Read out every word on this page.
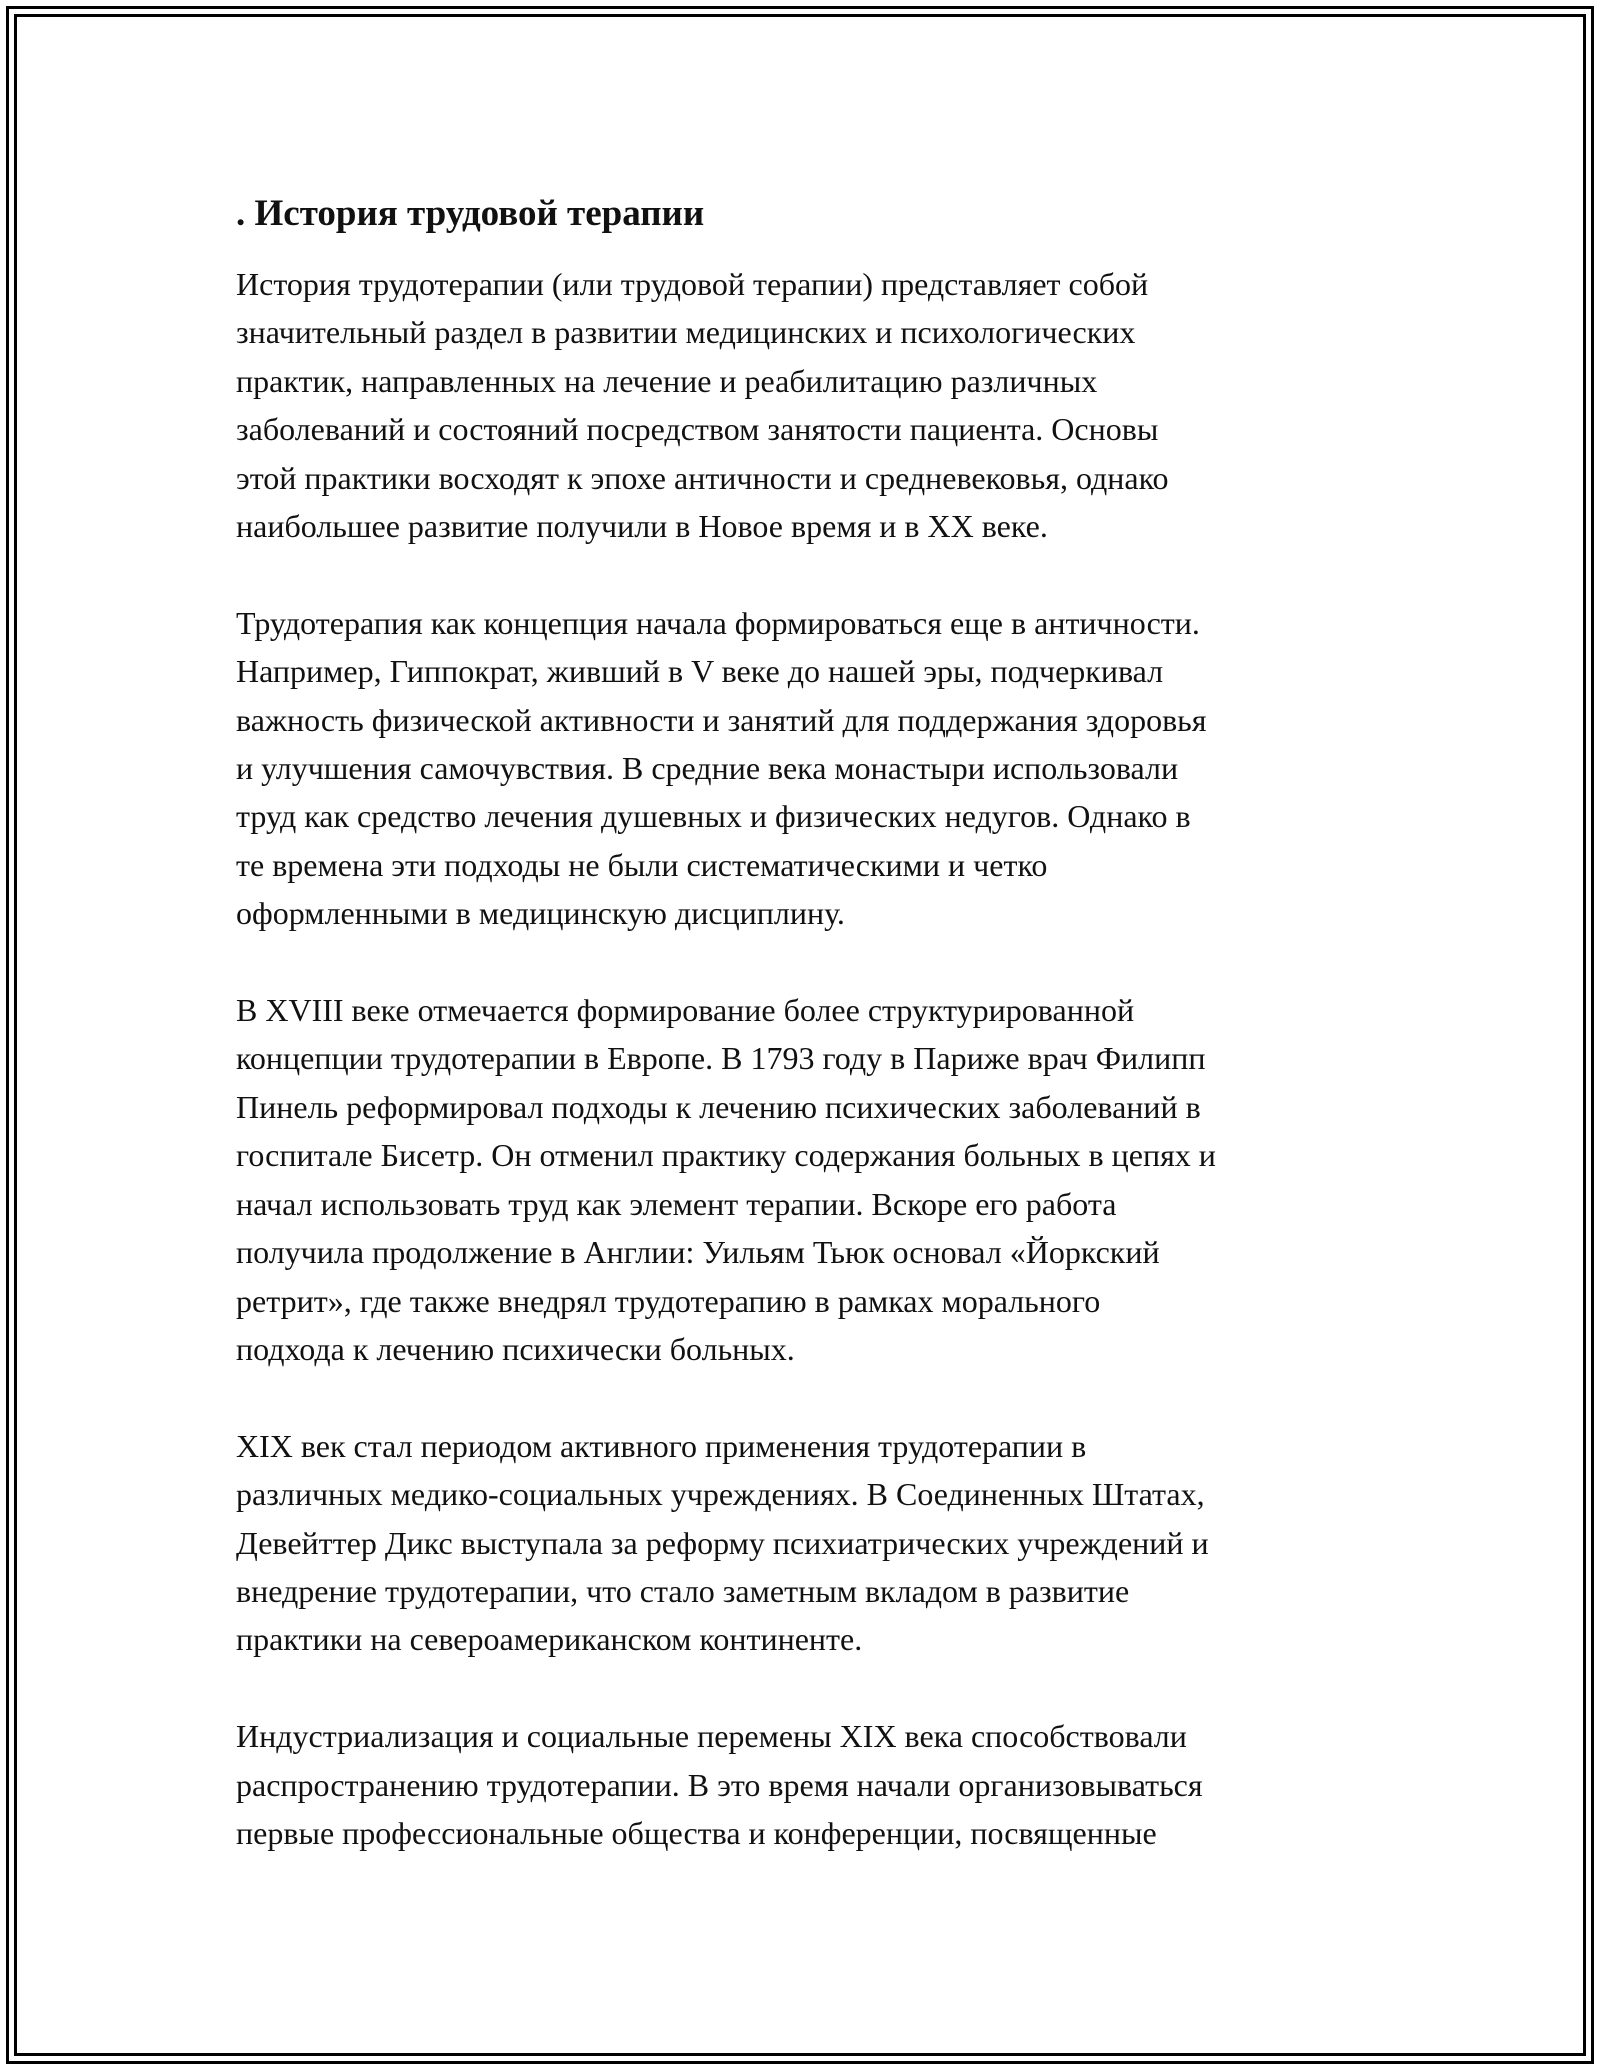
. История трудовой терапии

История трудотерапии (или трудовой терапии) представляет собой
значительный раздел в развитии медицинских и психологических
практик, направленных на лечение и реабилитацию различных
заболеваний и состояний посредством занятости пациента. Основы
этой практики восходят к эпохе античности и средневековья, однако
наибольшее развитие получили в Новое время и в XX веке.

Трудотерапия как концепция начала формироваться еще в античности.
Например, Гиппократ, живший в V веке до нашей эры, подчеркивал
важность физической активности и занятий для поддержания здоровья
и улучшения самочувствия. В средние века монастыри использовали
труд как средство лечения душевных и физических недугов. Однако в
те времена эти подходы не были систематическими и четко
оформленными в медицинскую дисциплину.

В XVIII веке отмечается формирование более структурированной
концепции трудотерапии в Европе. В 1793 году в Париже врач Филипп
Пинель реформировал подходы к лечению психических заболеваний в
госпитале Бисетр. Он отменил практику содержания больных в цепях и
начал использовать труд как элемент терапии. Вскоре его работа
получила продолжение в Англии: Уильям Тьюк основал «Йоркский
ретрит», где также внедрял трудотерапию в рамках морального
подхода к лечению психически больных.

XIX век стал периодом активного применения трудотерапии в
различных медико-социальных учреждениях. В Соединенных Штатах,
Девейттер Дикс выступала за реформу психиатрических учреждений и
внедрение трудотерапии, что стало заметным вкладом в развитие
практики на североамериканском континенте.

Индустриализация и социальные перемены XIX века способствовали
распространению трудотерапии. В это время начали организовываться
первые профессиональные общества и конференции, посвященные
